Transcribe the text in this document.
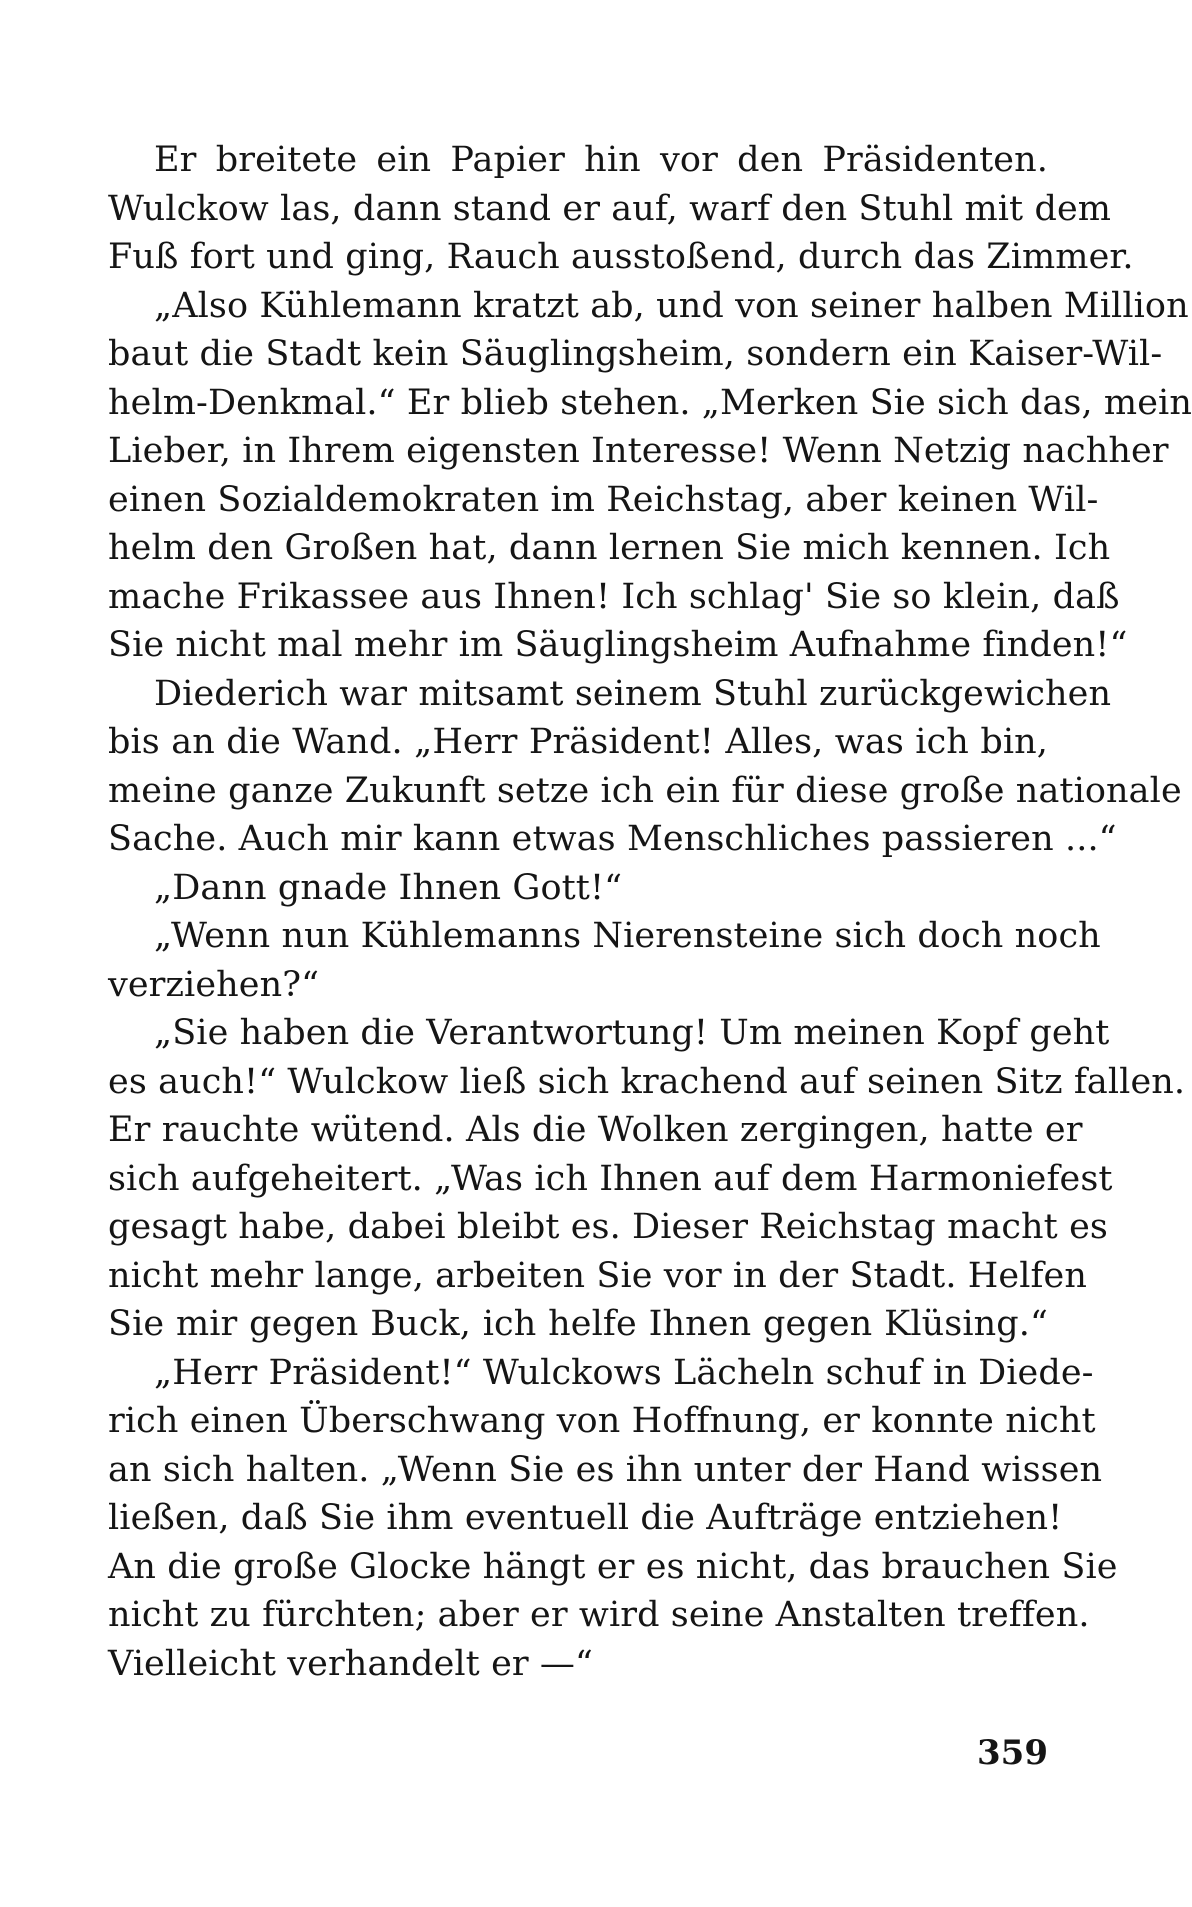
Er breitete ein Papier hin vor den Präsidenten.
Wulckow las, dann stand er auf, warf den Stuhl mit dem
Fuß fort und ging, Rauch ausstoßend, durch das Zimmer.
„Also Kühlemann kratzt ab, und von seiner halben Million
baut die Stadt kein Säuglingsheim, sondern ein Kaiser-Wil-
helm-Denkmal.“ Er blieb stehen. „Merken Sie sich das, mein
Lieber, in Ihrem eigensten Interesse! Wenn Netzig nachher
einen Sozialdemokraten im Reichstag, aber keinen Wil-
helm den Großen hat, dann lernen Sie mich kennen. Ich
mache Frikassee aus Ihnen! Ich schlag' Sie so klein, daß
Sie nicht mal mehr im Säuglingsheim Aufnahme finden!“
Diederich war mitsamt seinem Stuhl zurückgewichen
bis an die Wand. „Herr Präsident! Alles, was ich bin,
meine ganze Zukunft setze ich ein für diese große nationale
Sache. Auch mir kann etwas Menschliches passieren ...“
„Dann gnade Ihnen Gott!“
„Wenn nun Kühlemanns Nierensteine sich doch noch
verziehen?“
„Sie haben die Verantwortung! Um meinen Kopf geht
es auch!“ Wulckow ließ sich krachend auf seinen Sitz fallen.
Er rauchte wütend. Als die Wolken zergingen, hatte er
sich aufgeheitert. „Was ich Ihnen auf dem Harmoniefest
gesagt habe, dabei bleibt es. Dieser Reichstag macht es
nicht mehr lange, arbeiten Sie vor in der Stadt. Helfen
Sie mir gegen Buck, ich helfe Ihnen gegen Klüsing.“
„Herr Präsident!“ Wulckows Lächeln schuf in Diede-
rich einen Überschwang von Hoffnung, er konnte nicht
an sich halten. „Wenn Sie es ihn unter der Hand wissen
ließen, daß Sie ihm eventuell die Aufträge entziehen!
An die große Glocke hängt er es nicht, das brauchen Sie
nicht zu fürchten; aber er wird seine Anstalten treffen.
Vielleicht verhandelt er —“
359
